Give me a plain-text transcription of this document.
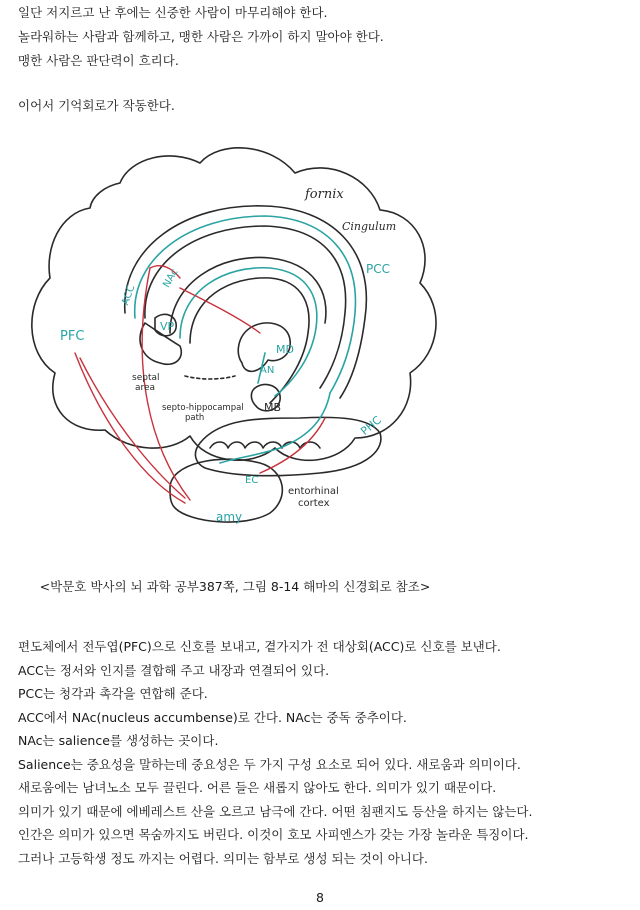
일단 저지르고 난 후에는 신중한 사람이 마무리해야 한다.
놀라워하는 사람과 함께하고, 맹한 사람은 가까이 하지 말아야 한다.
맹한 사람은 판단력이 흐리다.
이어서 기억회로가 작동한다.
fornix
Cingulum
septal
area
septo-hippocampal
path
MB
entorhinal
cortex
PCC
PFC
ACC
NAc
VP
MD
AN
PHC
EC
amy
<박문호 박사의 뇌 과학 공부387쪽, 그림 8-14 해마의 신경회로 참조>
편도체에서 전두엽(PFC)으로 신호를 보내고, 곁가지가 전 대상회(ACC)로 신호를 보낸다.
ACC는 정서와 인지를 결합해 주고 내장과 연결되어 있다.
PCC는 청각과 촉각을 연합해 준다.
ACC에서 NAc(nucleus accumbense)로 간다. NAc는 중독 중추이다.
NAc는 salience를 생성하는 곳이다.
Salience는 중요성을 말하는데 중요성은 두 가지 구성 요소로 되어 있다. 새로움과 의미이다.
새로움에는 남녀노소 모두 끌린다. 어른 들은 새롭지 않아도 한다. 의미가 있기 때문이다.
의미가 있기 때문에 에베레스트 산을 오르고 남극에 간다. 어떤 침팬지도 등산을 하지는 않는다.
인간은 의미가 있으면 목숨까지도 버린다. 이것이 호모 사피엔스가 갖는 가장 놀라운 특징이다.
그러나 고등학생 정도 까지는 어렵다. 의미는 함부로 생성 되는 것이 아니다.
8
